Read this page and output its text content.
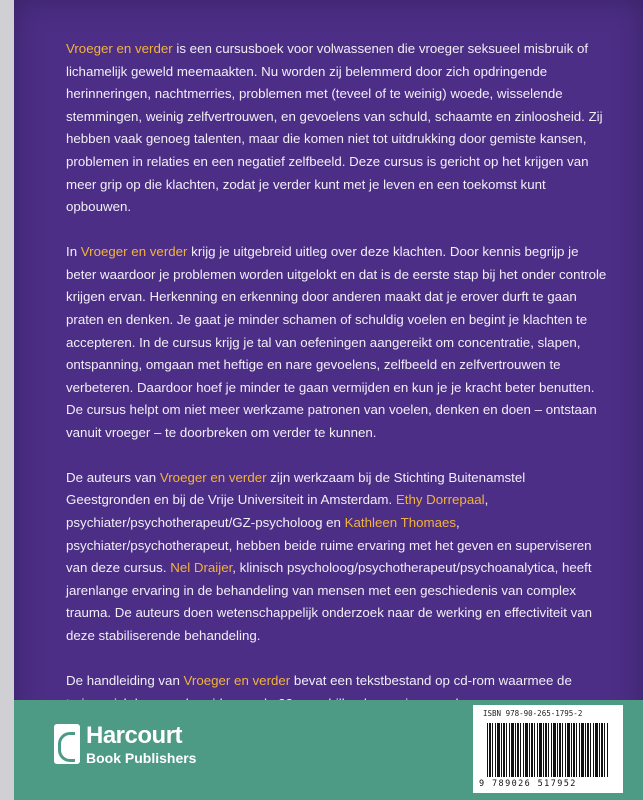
Vroeger en verder is een cursusboek voor volwassenen die vroeger seksueel misbruik of lichamelijk geweld meemaakten. Nu worden zij belemmerd door zich opdringende herinneringen, nachtmerries, problemen met (teveel of te weinig) woede, wisselende stemmingen, weinig zelfvertrouwen, en gevoelens van schuld, schaamte en zinloosheid. Zij hebben vaak genoeg talenten, maar die komen niet tot uitdrukking door gemiste kansen, problemen in relaties en een negatief zelfbeeld. Deze cursus is gericht op het krijgen van meer grip op die klachten, zodat je verder kunt met je leven en een toekomst kunt opbouwen.

In Vroeger en verder krijg je uitgebreid uitleg over deze klachten. Door kennis begrijp je beter waardoor je problemen worden uitgelokt en dat is de eerste stap bij het onder controle krijgen ervan. Herkenning en erkenning door anderen maakt dat je erover durft te gaan praten en denken. Je gaat je minder schamen of schuldig voelen en begint je klachten te accepteren. In de cursus krijg je tal van oefeningen aangereikt om concentratie, slapen, ontspanning, omgaan met heftige en nare gevoelens, zelfbeeld en zelfvertrouwen te verbeteren. Daardoor hoef je minder te gaan vermijden en kun je je kracht beter benutten. De cursus helpt om niet meer werkzame patronen van voelen, denken en doen – ontstaan vanuit vroeger – te doorbreken om verder te kunnen.

De auteurs van Vroeger en verder zijn werkzaam bij de Stichting Buitenamstel Geestgronden en bij de Vrije Universiteit in Amsterdam. Ethy Dorrepaal, psychiater/psychotherapeut/GZ-psycholoog en Kathleen Thomaes, psychiater/psychotherapeut, hebben beide ruime ervaring met het geven en superviseren van deze cursus. Nel Draijer, klinisch psycholoog/psychotherapeut/psychoanalytica, heeft jarenlange ervaring in de behandeling van mensen met een geschiedenis van complex trauma. De auteurs doen wetenschappelijk onderzoek naar de werking en effectiviteit van deze stabiliserende behandeling.

De handleiding van Vroeger en verder bevat een tekstbestand op cd-rom waarmee de

Harcourt
Book Publishers
ISBN 978-90-265-1795-2
9 789026 517952
